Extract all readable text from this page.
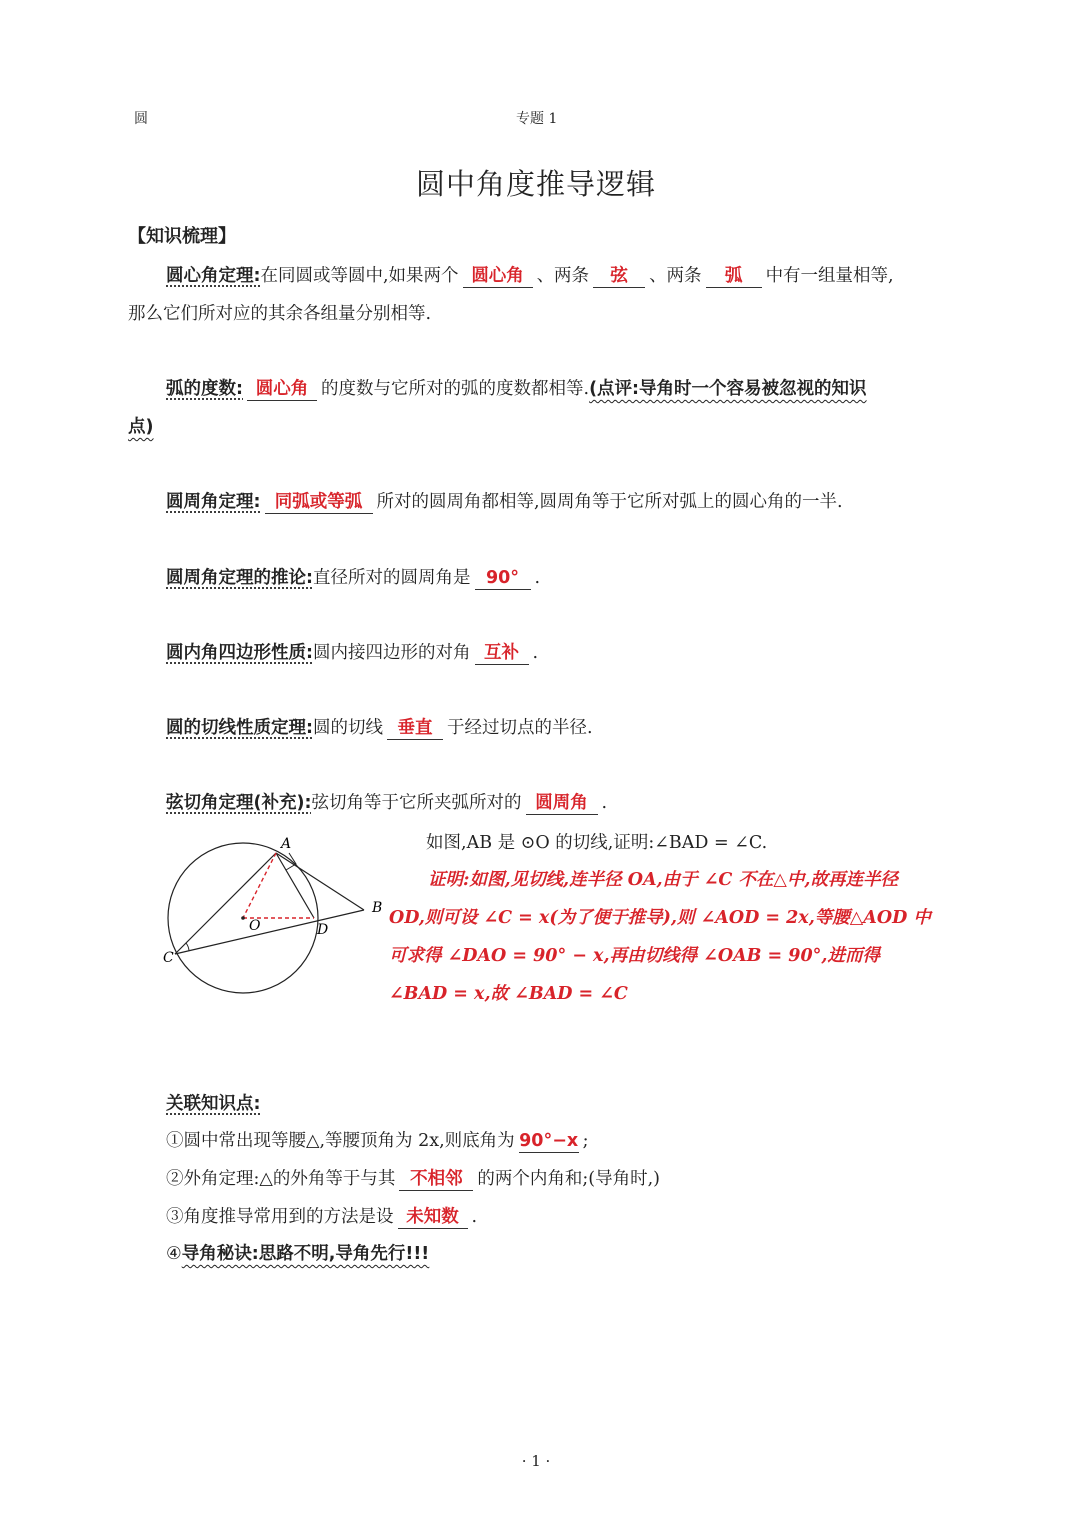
圆	专题 1
圆中角度推导逻辑
【知识梳理】
圆心角定理:在同圆或等圆中,如果两个 圆心角 、两条 弦 、两条 弧 中有一组量相等,
那么它们所对应的其余各组量分别相等.
弧的度数: 圆心角 的度数与它所对的弧的度数都相等.(点评:导角时一个容易被忽视的知识
点)
圆周角定理: 同弧或等弧 所对的圆周角都相等,圆周角等于它所对弧上的圆心角的一半.
圆周角定理的推论:直径所对的圆周角是 90° .
圆内角四边形性质:圆内接四边形的对角 互补 .
圆的切线性质定理:圆的切线 垂直 于经过切点的半径.
弦切角定理(补充):弦切角等于它所夹弧所对的 圆周角 .
A
B
C
D
O
如图,AB 是 ⊙O 的切线,证明:∠BAD = ∠C.
证明:如图,见切线,连半径 OA,由于 ∠C 不在△中,故再连半径
OD,则可设 ∠C = x(为了便于推导),则 ∠AOD = 2x,等腰△AOD 中
可求得 ∠DAO = 90° − x,再由切线得 ∠OAB = 90°,进而得
∠BAD = x,故 ∠BAD = ∠C
关联知识点:
①圆中常出现等腰△,等腰顶角为 2x,则底角为 90°−x ;
②外角定理:△的外角等于与其 不相邻 的两个内角和;(导角时,)
③角度推导常用到的方法是设 未知数 .
④导角秘诀:思路不明,导角先行!!!
· 1 ·
